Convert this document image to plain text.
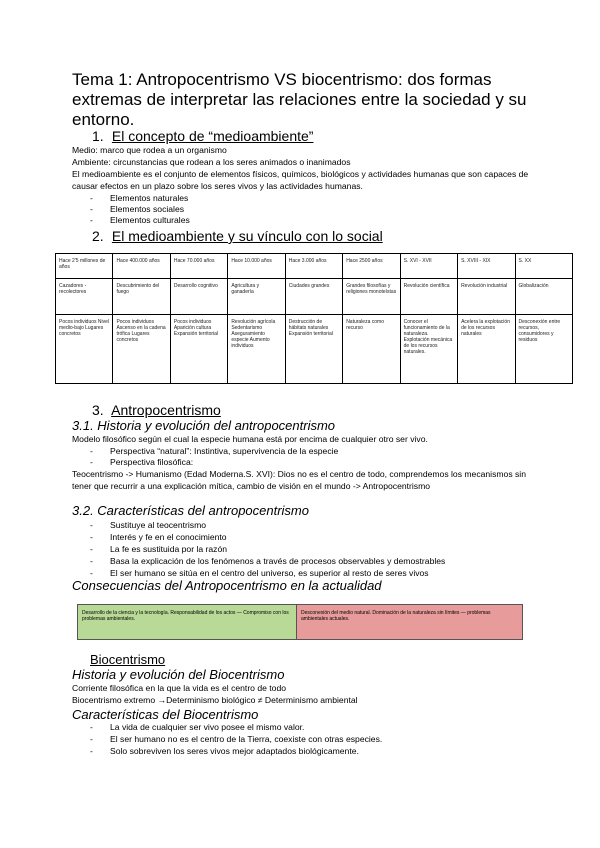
Tema 1: Antropocentrismo VS biocentrismo: dos formas extremas de interpretar las relaciones entre la sociedad y su entorno.
1. El concepto de “medioambiente”
Medio: marco que rodea a un organismo
Ambiente: circunstancias que rodean a los seres animados o inanimados
El medioambiente es el conjunto de elementos físicos, químicos, biológicos y actividades humanas que son capaces de causar efectos en un plazo sobre los seres vivos y las actividades humanas.
- Elementos naturales
- Elementos sociales
- Elementos culturales
2. El medioambiente y su vínculo con lo social
Hace 2'5 millones de años	Hace 400.000 años	Hace 70.000 años	Hace 10.000 años	Hace 3.000 años	Hace 2500 años	S. XVI - XVII	S. XVIII - XIX	S. XX
Cazadores - recolectores	Descubrimiento del fuego	Desarrollo cognitivo	Agricultura y ganadería	Ciudades grandes	Grandes filosofías y religiones monoteístas	Revolución científica	Revolución industrial	Globalización
Pocos individuos Nivel medio-bajo Lugares concretos	Pocos individuos Ascenso en la cadena trófica Lugares concretos	Pocos individuos Aparición cultura Expansión territorial	Revolución agrícola Sedentarismo Aseguramiento especie Aumento individuos	Destrucción de hábitats naturales Expansión territorial	Naturaleza como recurso	Conocer el funcionamiento de la naturaleza. Explotación mecánica de los recursos naturales.	Acelera la explotación de los recursos naturales	Desconexión entre recursos, consumidores y residuos
3. Antropocentrismo
3.1. Historia y evolución del antropocentrismo
Modelo filosófico según el cual la especie humana está por encima de cualquier otro ser vivo.
- Perspectiva “natural”: Instintiva, supervivencia de la especie
- Perspectiva filosófica:
Teocentrismo -> Humanismo (Edad Moderna.S. XVI): Dios no es el centro de todo, comprendemos los mecanismos sin tener que recurrir a una explicación mítica, cambio de visión en el mundo -> Antropocentrismo
3.2. Características del antropocentrismo
- Sustituye al teocentrismo
- Interés y fe en el conocimiento
- La fe es sustituida por la razón
- Basa la explicación de los fenómenos a través de procesos observables y demostrables
- El ser humano se sitúa en el centro del universo, es superior al resto de seres vivos
Consecuencias del Antropocentrismo en la actualidad
Desarrollo de la ciencia y la tecnología. Responsabilidad de los actos — Compromiso con los problemas ambientales.
Desconexión del medio natural. Dominación de la naturaleza sin límites — problemas ambientales actuales.
Biocentrismo
Historia y evolución del Biocentrismo
Corriente filosófica en la que la vida es el centro de todo
Biocentrismo extremo →Determinismo biológico ≠ Determinismo ambiental
Características del Biocentrismo
- La vida de cualquier ser vivo posee el mismo valor.
- El ser humano no es el centro de la Tierra, coexiste con otras especies.
- Solo sobreviven los seres vivos mejor adaptados biológicamente.
